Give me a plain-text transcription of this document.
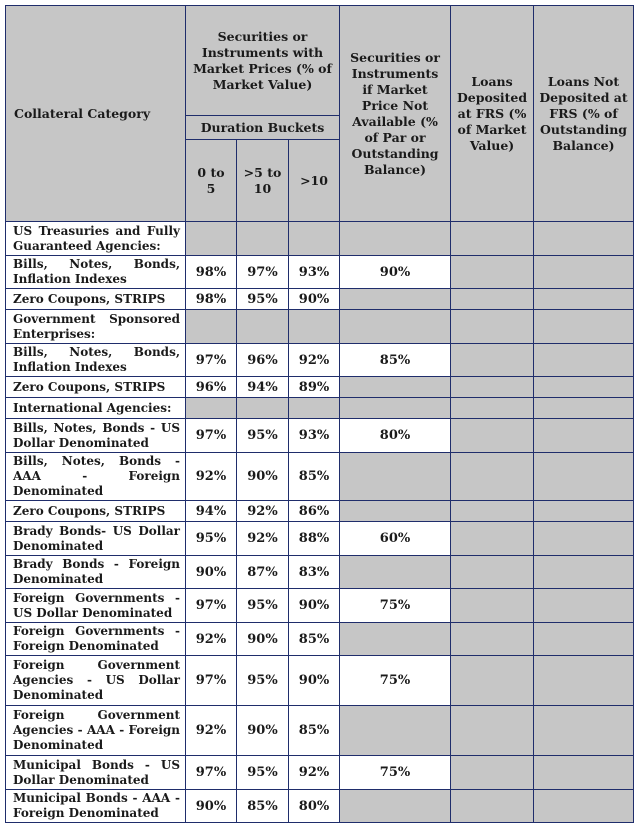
Collateral Category	Securities or Instruments with Market Prices (% of Market Value)			Securities or Instruments if Market Price Not Available (% of Par or Outstanding Balance)	Loans Deposited at FRS (% of Market Value)	Loans Not Deposited at FRS (% of Outstanding Balance)
	Duration Buckets					
	0 to 5	>5 to 10	>10			
US Treasuries and Fully Guaranteed Agencies:						
Bills, Notes, Bonds, Inflation Indexes	98%	97%	93%	90%		
Zero Coupons, STRIPS	98%	95%	90%			
Government Sponsored Enterprises:						
Bills, Notes, Bonds, Inflation Indexes	97%	96%	92%	85%		
Zero Coupons, STRIPS	96%	94%	89%			
International Agencies:						
Bills, Notes, Bonds - US Dollar Denominated	97%	95%	93%	80%		
Bills, Notes, Bonds - AAA - Foreign Denominated	92%	90%	85%			
Zero Coupons, STRIPS	94%	92%	86%			
Brady Bonds- US Dollar Denominated	95%	92%	88%	60%		
Brady Bonds - Foreign Denominated	90%	87%	83%			
Foreign Governments - US Dollar Denominated	97%	95%	90%	75%		
Foreign Governments - Foreign Denominated	92%	90%	85%			
Foreign Government Agencies - US Dollar Denominated	97%	95%	90%	75%		
Foreign Government Agencies - AAA - Foreign Denominated	92%	90%	85%			
Municipal Bonds - US Dollar Denominated	97%	95%	92%	75%		
Municipal Bonds - AAA - Foreign Denominated	90%	85%	80%			
